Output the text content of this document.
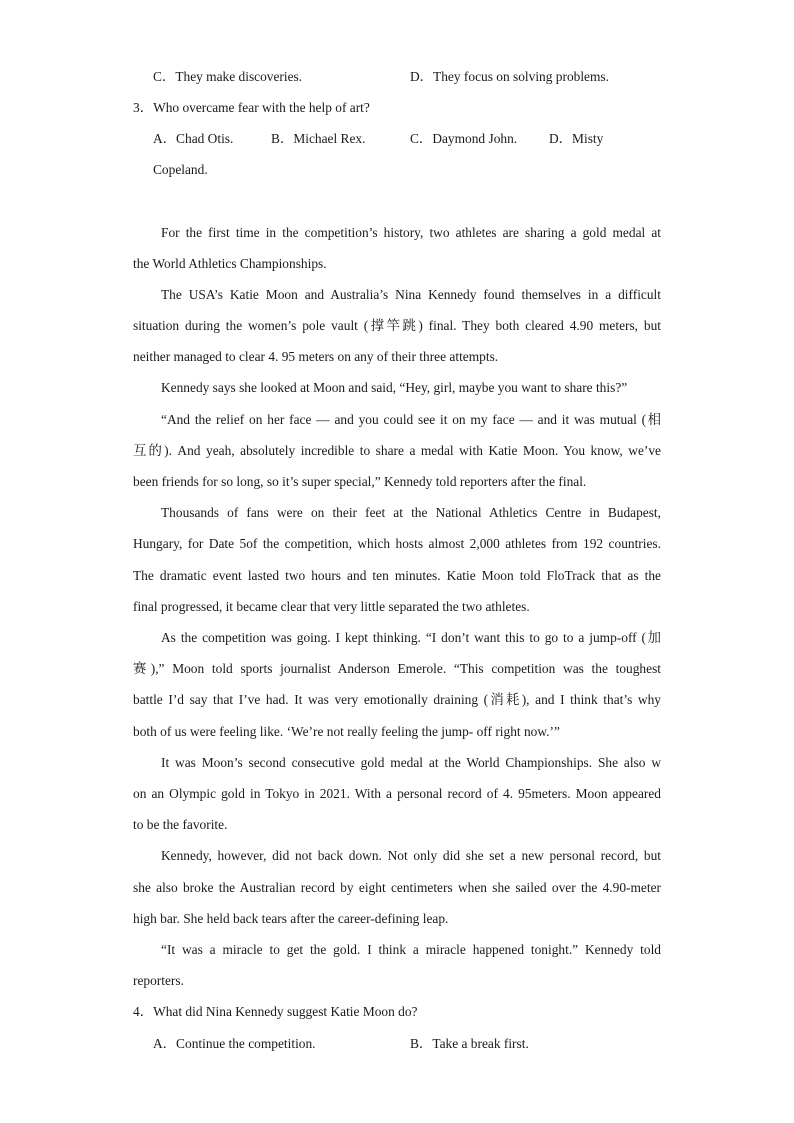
C．They make discoveries.	D．They focus on solving problems.

3．Who overcame fear with the help of art?

A．Chad Otis.	B．Michael Rex.	C．Daymond John. D．Misty
Copeland.

For the first time in the competition’s history, two athletes are sharing a gold medal at

the World Athletics Championships.

The USA’s Katie Moon and Australia’s Nina Kennedy found themselves in a difficult

situation during the women’s pole vault (撑竿跳) final. They both cleared 4.90 meters, but

neither managed to clear 4. 95 meters on any of their three attempts.

Kennedy says she looked at Moon and said, “Hey, girl, maybe you want to share this?”

“And the relief on her face — and you could see it on my face — and it was mutual (相

互的). And yeah, absolutely incredible to share a medal with Katie Moon. You know, we’ve

been friends for so long, so it’s super special,” Kennedy told reporters after the final.

Thousands of fans were on their feet at the National Athletics Centre in Budapest,

Hungary, for Date 5of the competition, which hosts almost 2,000 athletes from 192 countries.

The dramatic event lasted two hours and ten minutes. Katie Moon told FloTrack that as the

final progressed, it became clear that very little separated the two athletes.

As the competition was going. I kept thinking. “I don’t want this to go to a jump-off (加

赛),” Moon told sports journalist Anderson Emerole. “This competition was the toughest

battle I’d say that I’ve had. It was very emotionally draining (消耗), and I think that’s why

both of us were feeling like. ‘We’re not really feeling the jump- off right now.’”

It was Moon’s second consecutive gold medal at the World Championships. She also w

on an Olympic gold in Tokyo in 2021. With a personal record of 4. 95meters. Moon appeared

to be the favorite.

Kennedy, however, did not back down. Not only did she set a new personal record, but

she also broke the Australian record by eight centimeters when she sailed over the 4.90-meter

high bar. She held back tears after the career-defining leap.

“It was a miracle to get the gold. I think a miracle happened tonight.” Kennedy told

reporters.

4．What did Nina Kennedy suggest Katie Moon do?

A．Continue the competition.	B．Take a break first.
